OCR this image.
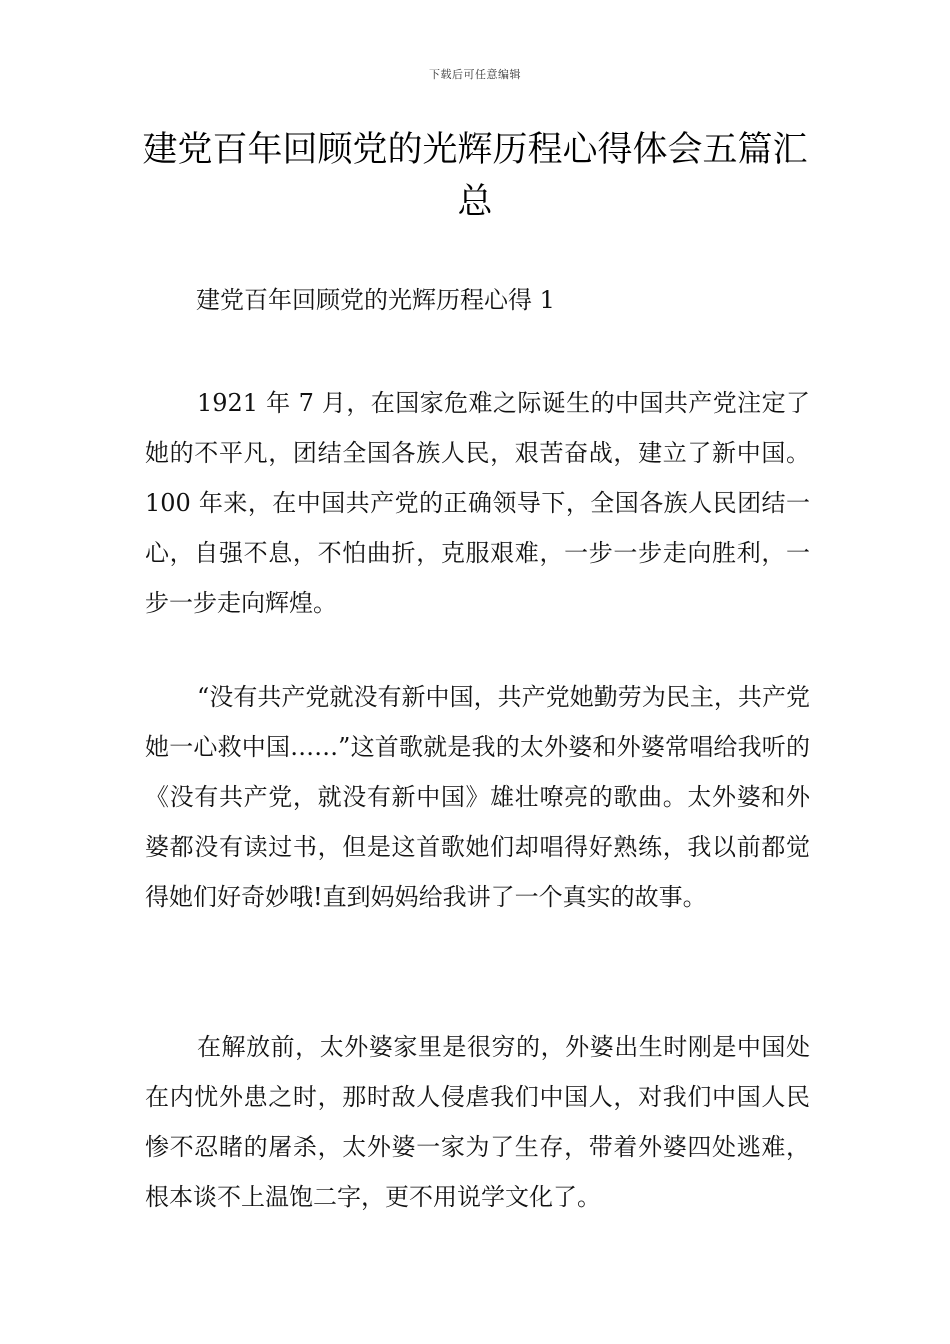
下载后可任意编辑
建党百年回顾党的光辉历程心得体会五篇汇总
建党百年回顾党的光辉历程心得 1

1921 年 7 月，在国家危难之际诞生的中国共产党注定了她的不平凡，团结全国各族人民，艰苦奋战，建立了新中国。100 年来，在中国共产党的正确领导下，全国各族人民团结一心，自强不息，不怕曲折，克服艰难，一步一步走向胜利，一步一步走向辉煌。

“没有共产党就没有新中国，共产党她勤劳为民主，共产党她一心救中国……”这首歌就是我的太外婆和外婆常唱给我听的《没有共产党，就没有新中国》雄壮嘹亮的歌曲。太外婆和外婆都没有读过书，但是这首歌她们却唱得好熟练，我以前都觉得她们好奇妙哦!直到妈妈给我讲了一个真实的故事。

在解放前，太外婆家里是很穷的，外婆出生时刚是中国处在内忧外患之时，那时敌人侵虐我们中国人，对我们中国人民惨不忍睹的屠杀，太外婆一家为了生存，带着外婆四处逃难，根本谈不上温饱二字，更不用说学文化了。
